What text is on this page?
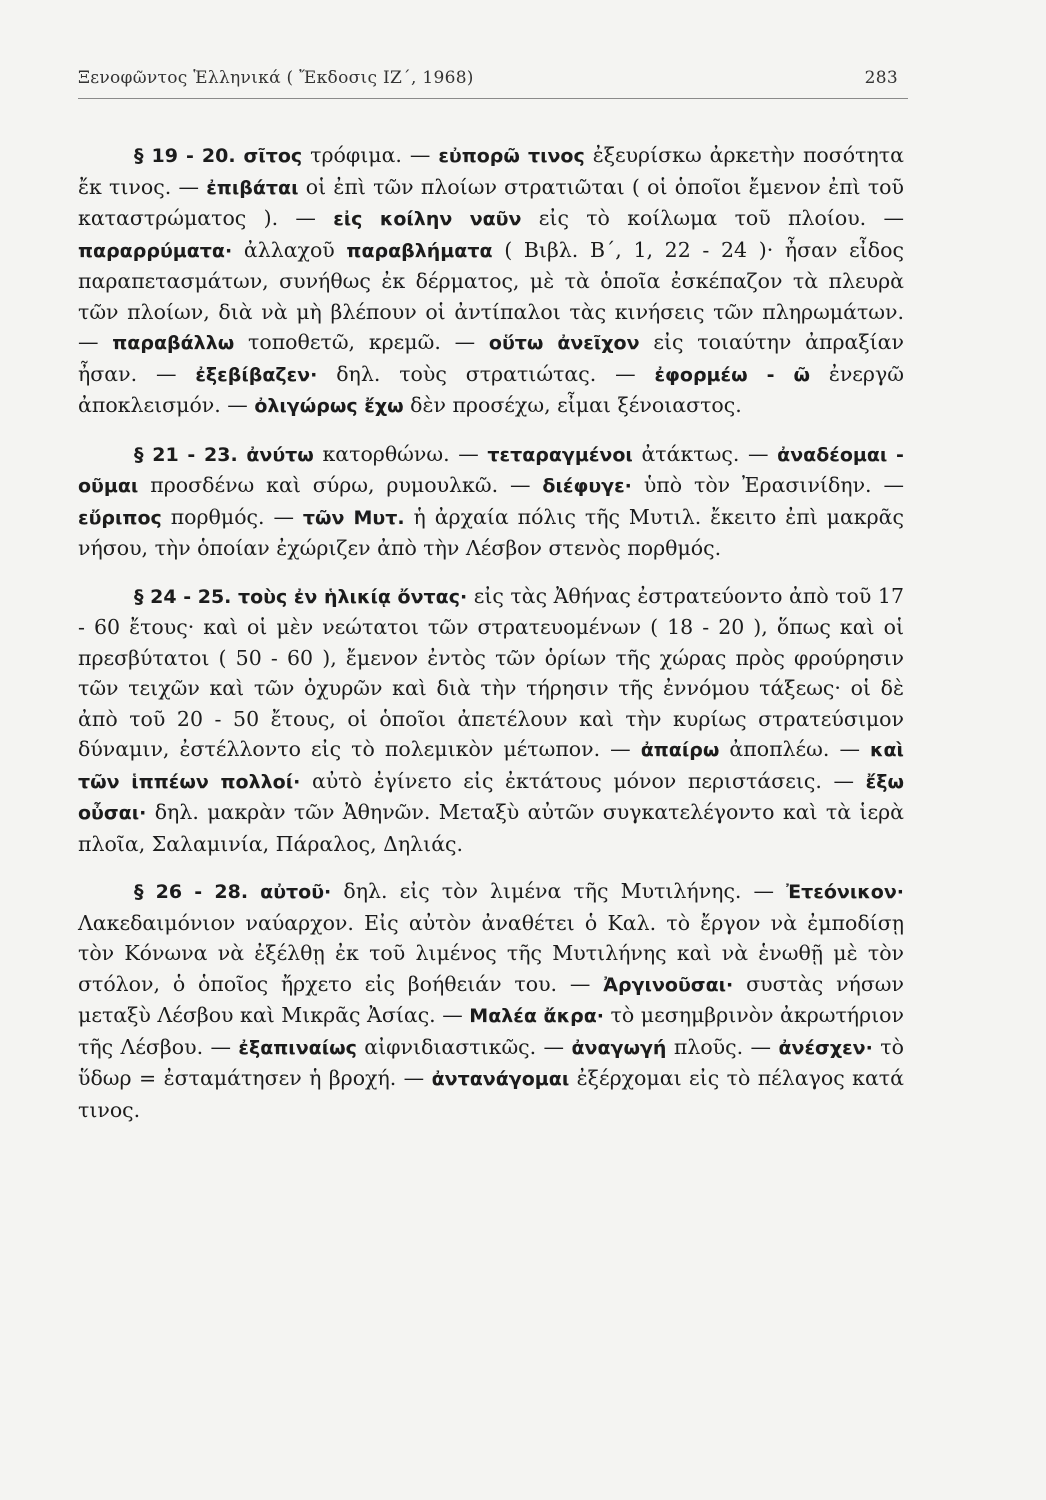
Ξενοφῶντος Ἑλληνικά ( Ἔκδοσις ΙΖ΄, 1968)	283

§ 19 - 20. σῖτος τρόφιμα. — εὐπορῶ τινος ἐξευρίσκω ἀρκετὴν ποσότητα ἔκ τινος. — ἐπιβάται οἱ ἐπὶ τῶν πλοίων στρατιῶται ( οἱ ὁποῖοι ἔμενον ἐπὶ τοῦ καταστρώματος ). — εἰς κοίλην ναῦν εἰς τὸ κοίλωμα τοῦ πλοίου. — παραρρύματα· ἀλλαχοῦ παραβλήματα ( Βιβλ. Β΄, 1, 22 - 24 )· ἦσαν εἶδος παραπετασμάτων, συνήθως ἐκ δέρματος, μὲ τὰ ὁποῖα ἐσκέπαζον τὰ πλευρὰ τῶν πλοίων, διὰ νὰ μὴ βλέπουν οἱ ἀντίπαλοι τὰς κινήσεις τῶν πληρωμάτων. — παραβάλλω τοποθετῶ, κρεμῶ. — οὕτω ἀνεῖχον εἰς τοιαύτην ἀπραξίαν ἦσαν. — ἐξεβίβαζεν· δηλ. τοὺς στρατιώτας. — ἐφορμέω - ῶ ἐνεργῶ ἀποκλεισμόν. — ὀλιγώρως ἔχω δὲν προσέχω, εἶμαι ξένοιαστος.

§ 21 - 23. ἀνύτω κατορθώνω. — τεταραγμένοι ἀτάκτως. — ἀναδέομαι - οῦμαι προσδένω καὶ σύρω, ρυμουλκῶ. — διέφυγε· ὑπὸ τὸν Ἐρασινίδην. — εὔριπος πορθμός. — τῶν Μυτ. ἡ ἀρχαία πόλις τῆς Μυτιλ. ἔκειτο ἐπὶ μακρᾶς νήσου, τὴν ὁποίαν ἐχώριζεν ἀπὸ τὴν Λέσβον στενὸς πορθμός.

§ 24 - 25. τοὺς ἐν ἡλικίᾳ ὄντας· εἰς τὰς Ἀθήνας ἐστρατεύοντο ἀπὸ τοῦ 17 - 60 ἔτους· καὶ οἱ μὲν νεώτατοι τῶν στρατευομένων ( 18 - 20 ), ὅπως καὶ οἱ πρεσβύτατοι ( 50 - 60 ), ἔμενον ἐντὸς τῶν ὁρίων τῆς χώρας πρὸς φρούρησιν τῶν τειχῶν καὶ τῶν ὀχυρῶν καὶ διὰ τὴν τήρησιν τῆς ἐννόμου τάξεως· οἱ δὲ ἀπὸ τοῦ 20 - 50 ἔτους, οἱ ὁποῖοι ἀπετέλουν καὶ τὴν κυρίως στρατεύσιμον δύναμιν, ἐστέλλοντο εἰς τὸ πολεμικὸν μέτωπον. — ἀπαίρω ἀποπλέω. — καὶ τῶν ἱππέων πολλοί· αὐτὸ ἐγίνετο εἰς ἐκτάτους μόνον περιστάσεις. — ἔξω οὖσαι· δηλ. μακρὰν τῶν Ἀθηνῶν. Μεταξὺ αὐτῶν συγκατελέγοντο καὶ τὰ ἱερὰ πλοῖα, Σαλαμινία, Πάραλος, Δηλιάς.

§ 26 - 28. αὐτοῦ· δηλ. εἰς τὸν λιμένα τῆς Μυτιλήνης. — Ἐτεόνικον· Λακεδαιμόνιον ναύαρχον. Εἰς αὐτὸν ἀναθέτει ὁ Καλ. τὸ ἔργον νὰ ἐμποδίσῃ τὸν Κόνωνα νὰ ἐξέλθῃ ἐκ τοῦ λιμένος τῆς Μυτιλήνης καὶ νὰ ἑνωθῇ μὲ τὸν στόλον, ὁ ὁποῖος ἤρχετο εἰς βοήθειάν του. — Ἀργινοῦσαι· συστὰς νήσων μεταξὺ Λέσβου καὶ Μικρᾶς Ἀσίας. — Μαλέα ἄκρα· τὸ μεσημβρινὸν ἀκρωτήριον τῆς Λέσβου. — ἐξαπιναίως αἰφνιδιαστικῶς. — ἀναγωγή πλοῦς. — ἀνέσχεν· τὸ ὕδωρ = ἐσταμάτησεν ἡ βροχή. — ἀντανάγομαι ἐξέρχομαι εἰς τὸ πέλαγος κατά τινος.
